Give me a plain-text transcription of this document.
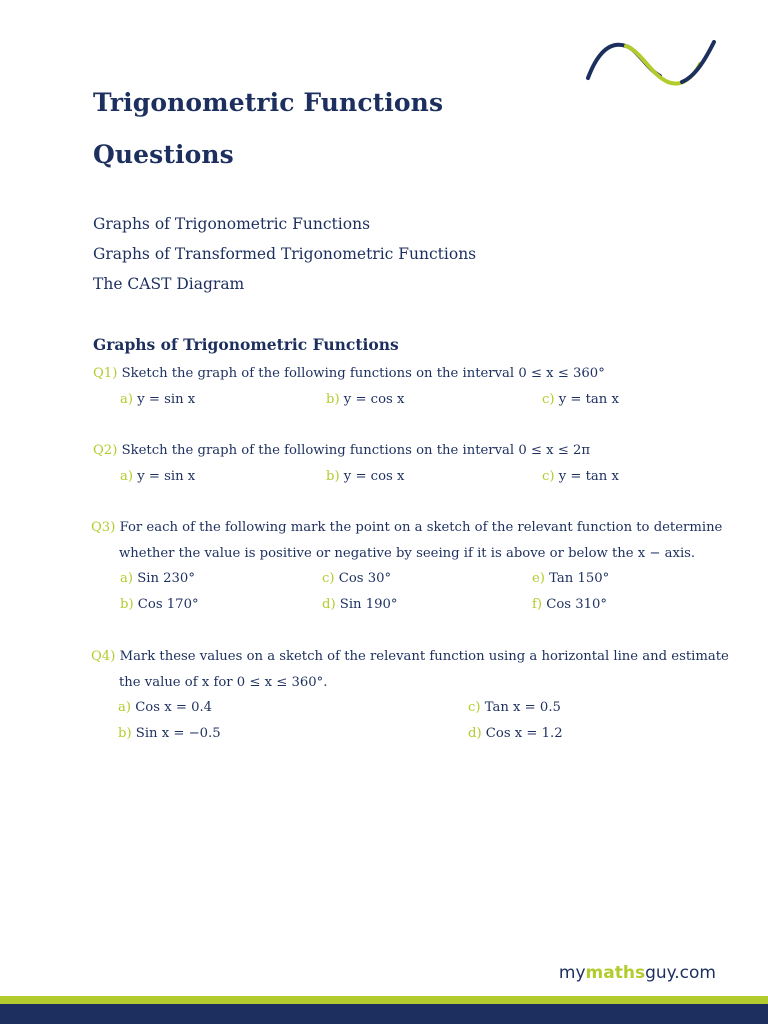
Trigonometric Functions
Questions
Graphs of Trigonometric Functions
Graphs of Transformed Trigonometric Functions
The CAST Diagram
Graphs of Trigonometric Functions
Q1) Sketch the graph of the following functions on the interval 0 ≤ x ≤ 360°
a) y = sin x	b) y = cos x	c) y = tan x
Q2) Sketch the graph of the following functions on the interval 0 ≤ x ≤ 2π
a) y = sin x	b) y = cos x	c) y = tan x
Q3) For each of the following mark the point on a sketch of the relevant function to determine
whether the value is positive or negative by seeing if it is above or below the x − axis.
a) Sin 230°
b) Cos 170°
c) Cos 30°
d) Sin 190°
e) Tan 150°
f) Cos 310°
Q4) Mark these values on a sketch of the relevant function using a horizontal line and estimate
the value of x for 0 ≤ x ≤ 360°.
a) Cos x = 0.4
b) Sin x = −0.5
c) Tan x = 0.5
d) Cos x = 1.2
mymathsguy.com
